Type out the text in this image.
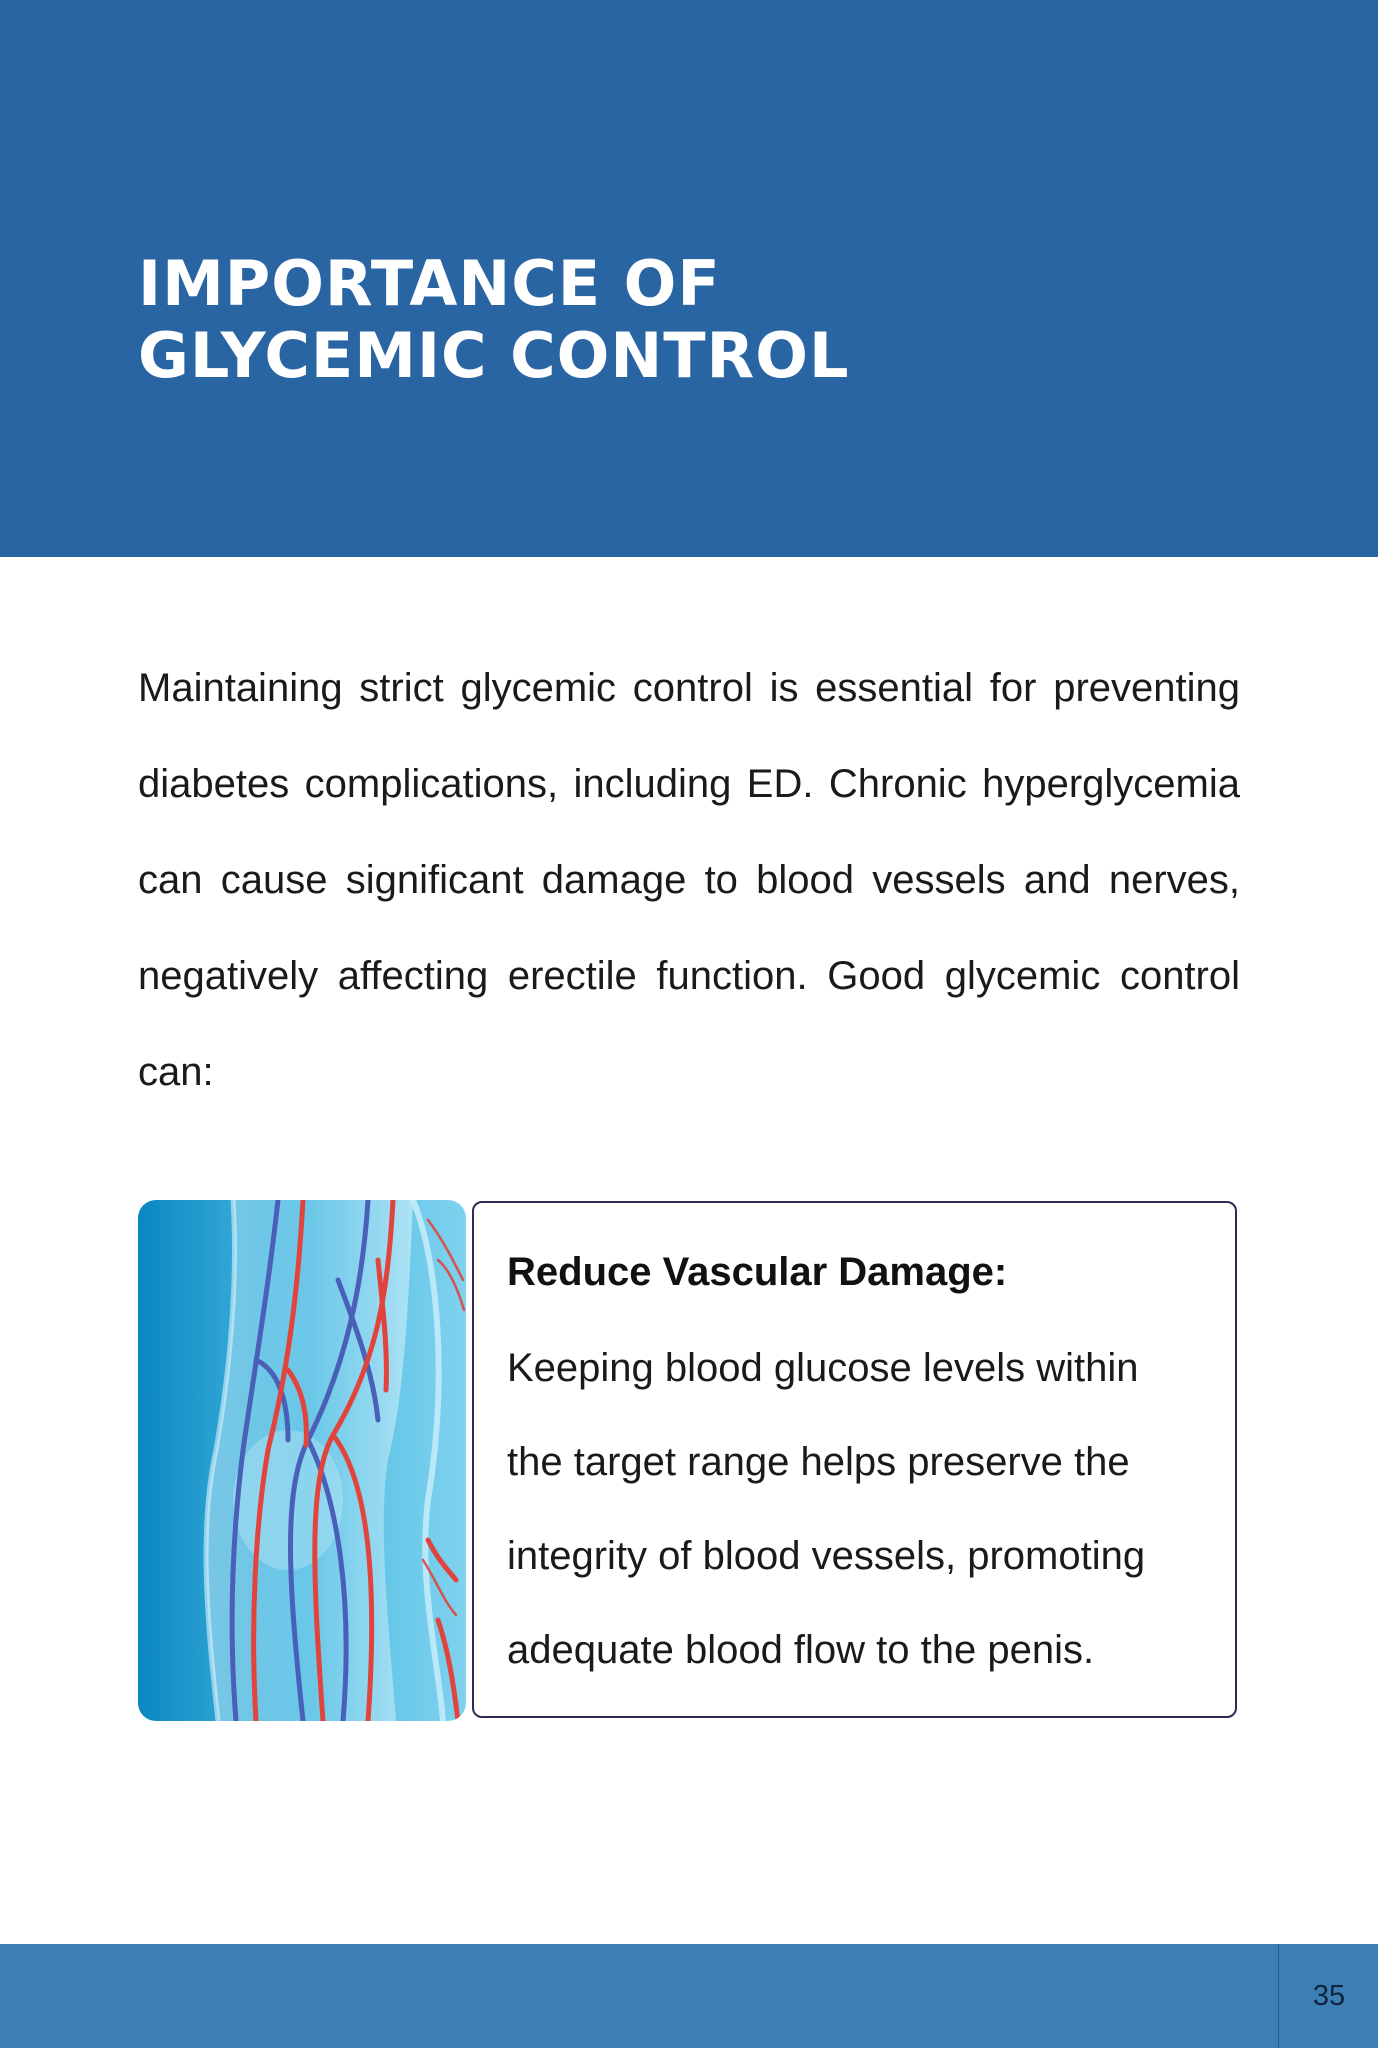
IMPORTANCE OF
GLYCEMIC CONTROL

Maintaining strict glycemic control is essential for preventing diabetes complications, including ED. Chronic hyperglycemia can cause significant damage to blood vessels and nerves, negatively affecting erectile function. Good glycemic control can:

Reduce Vascular Damage:

Keeping blood glucose levels within
the target range helps preserve the
integrity of blood vessels, promoting
adequate blood flow to the penis.

35
